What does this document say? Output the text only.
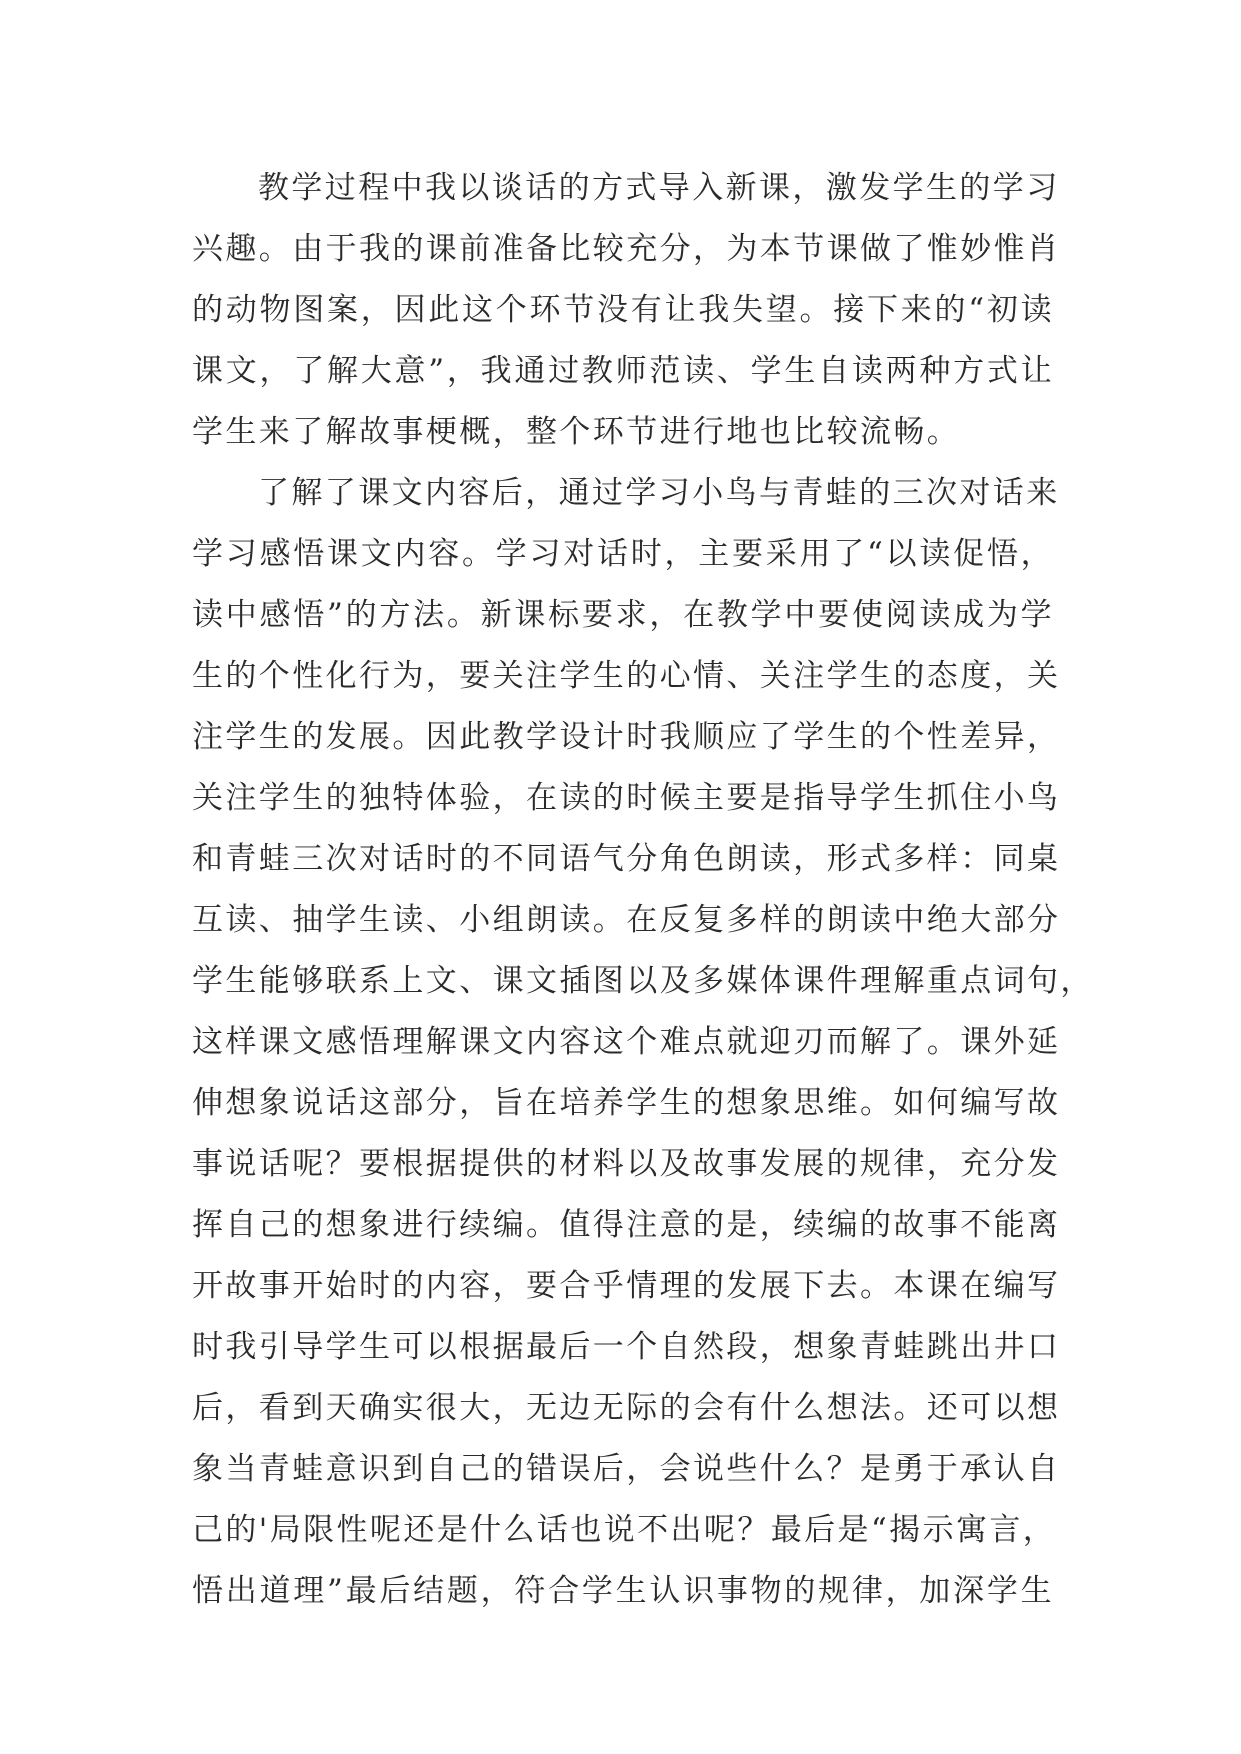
教学过程中我以谈话的方式导入新课，激发学生的学习
兴趣。由于我的课前准备比较充分，为本节课做了惟妙惟肖
的动物图案，因此这个环节没有让我失望。接下来的“初读
课文，了解大意”，我通过教师范读、学生自读两种方式让
学生来了解故事梗概，整个环节进行地也比较流畅。
了解了课文内容后，通过学习小鸟与青蛙的三次对话来
学习感悟课文内容。学习对话时，主要采用了“以读促悟，
读中感悟”的方法。新课标要求，在教学中要使阅读成为学
生的个性化行为，要关注学生的心情、关注学生的态度，关
注学生的发展。因此教学设计时我顺应了学生的个性差异，
关注学生的独特体验，在读的时候主要是指导学生抓住小鸟
和青蛙三次对话时的不同语气分角色朗读，形式多样：同桌
互读、抽学生读、小组朗读。在反复多样的朗读中绝大部分
学生能够联系上文、课文插图以及多媒体课件理解重点词句，
这样课文感悟理解课文内容这个难点就迎刃而解了。课外延
伸想象说话这部分，旨在培养学生的想象思维。如何编写故
事说话呢？要根据提供的材料以及故事发展的规律，充分发
挥自己的想象进行续编。值得注意的是，续编的故事不能离
开故事开始时的内容，要合乎情理的发展下去。本课在编写
时我引导学生可以根据最后一个自然段，想象青蛙跳出井口
后，看到天确实很大，无边无际的会有什么想法。还可以想
象当青蛙意识到自己的错误后，会说些什么？是勇于承认自
己的'局限性呢还是什么话也说不出呢？最后是“揭示寓言，
悟出道理”最后结题，符合学生认识事物的规律，加深学生
